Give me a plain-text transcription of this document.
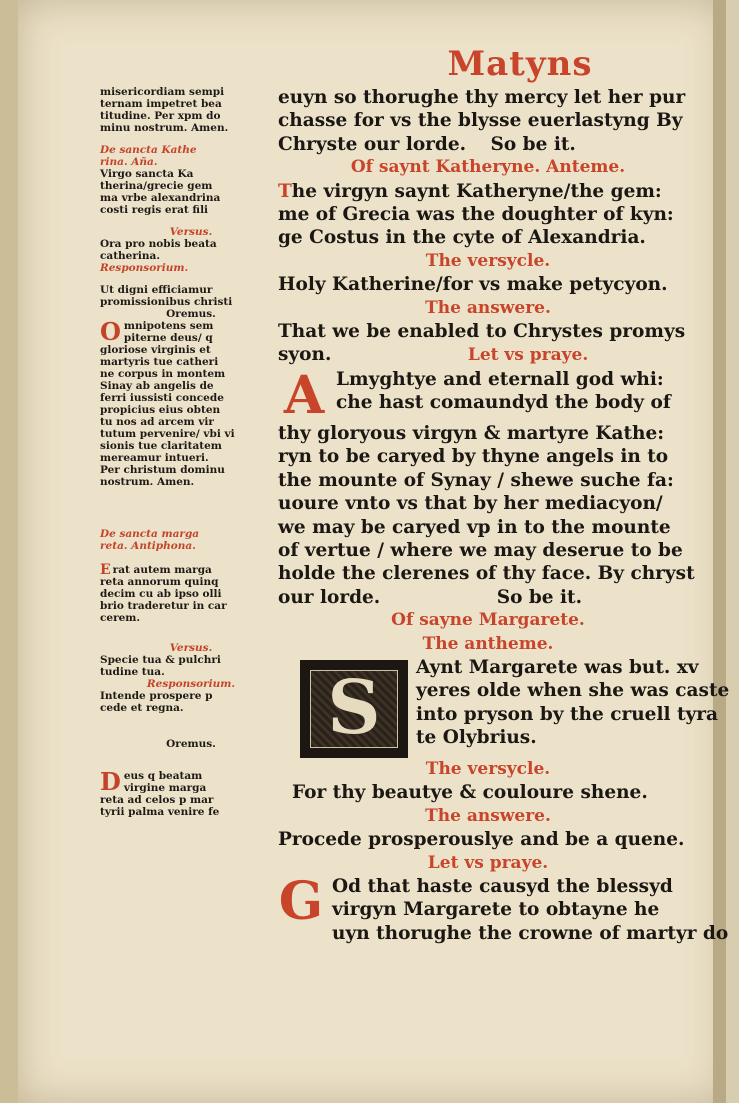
Matyns
misericordiam sempi
ternam impetret bea
titudine. Per xpm do
minu nostrum. Amen.
De sancta Kathe
rina. Aña.
Virgo sancta Ka
therina/grecie gem
ma vrbe alexandrina
costi regis erat fili
Versus.
Ora pro nobis beata
catherina.
Responsorium.
Ut digni efficiamur
promissionibus christi
Oremus.
O mnipotens sem
piterne deus/ q
gloriose virginis et
martyris tue catheri
ne corpus in montem
Sinay ab angelis de
ferri iussisti concede
propicius eius obten
tu nos ad arcem vir
tutum pervenire/ vbi vi
sionis tue claritatem
mereamur intueri.
Per christum dominu
nostrum. Amen.
De sancta marga
reta. Antiphona.
E rat autem marga
reta annorum quinq
decim cu ab ipso olli
brio traderetur in car
cerem.
Versus.
Specie tua & pulchri
tudine tua.
Responsorium.
Intende prospere p
cede et regna.
Oremus.
D eus q beatam
virgine marga
reta ad celos p mar
tyrii palma venire fe
euyn so thorughe thy mercy let her pur
chasse for vs the blysse euerlastyng By
Chryste our lorde. So be it.
Of saynt Katheryne. Anteme.
The virgyn saynt Katheryne/the gem:
me of Grecia was the doughter of kyn:
ge Costus in the cyte of Alexandria.
The versycle.
Holy Katherine/for vs make petycyon.
The answere.
That we be enabled to Chrystes promys
syon.	Let vs praye.
A Lmyghtye and eternall god whi:
che hast comaundyd the body of
thy gloryous virgyn & martyre Kathe:
ryn to be caryed by thyne angels in to
the mounte of Synay / shewe suche fa:
uoure vnto vs that by her mediacyon/
we may be caryed vp in to the mounte
of vertue / where we may deserue to be
holde the clerenes of thy face. By chryst
our lorde.	So be it.
Of sayne Margarete.
The antheme.
S	Aynt Margarete was but. xv
yeres olde when she was caste
into pryson by the cruell tyra
te Olybrius.
The versycle.
For thy beautye & couloure shene.
The answere.
Procede prosperouslye and be a quene.
Let vs praye.
G Od that haste causyd the blessyd
virgyn Margarete to obtayne he
uyn thorughe the crowne of martyr do
